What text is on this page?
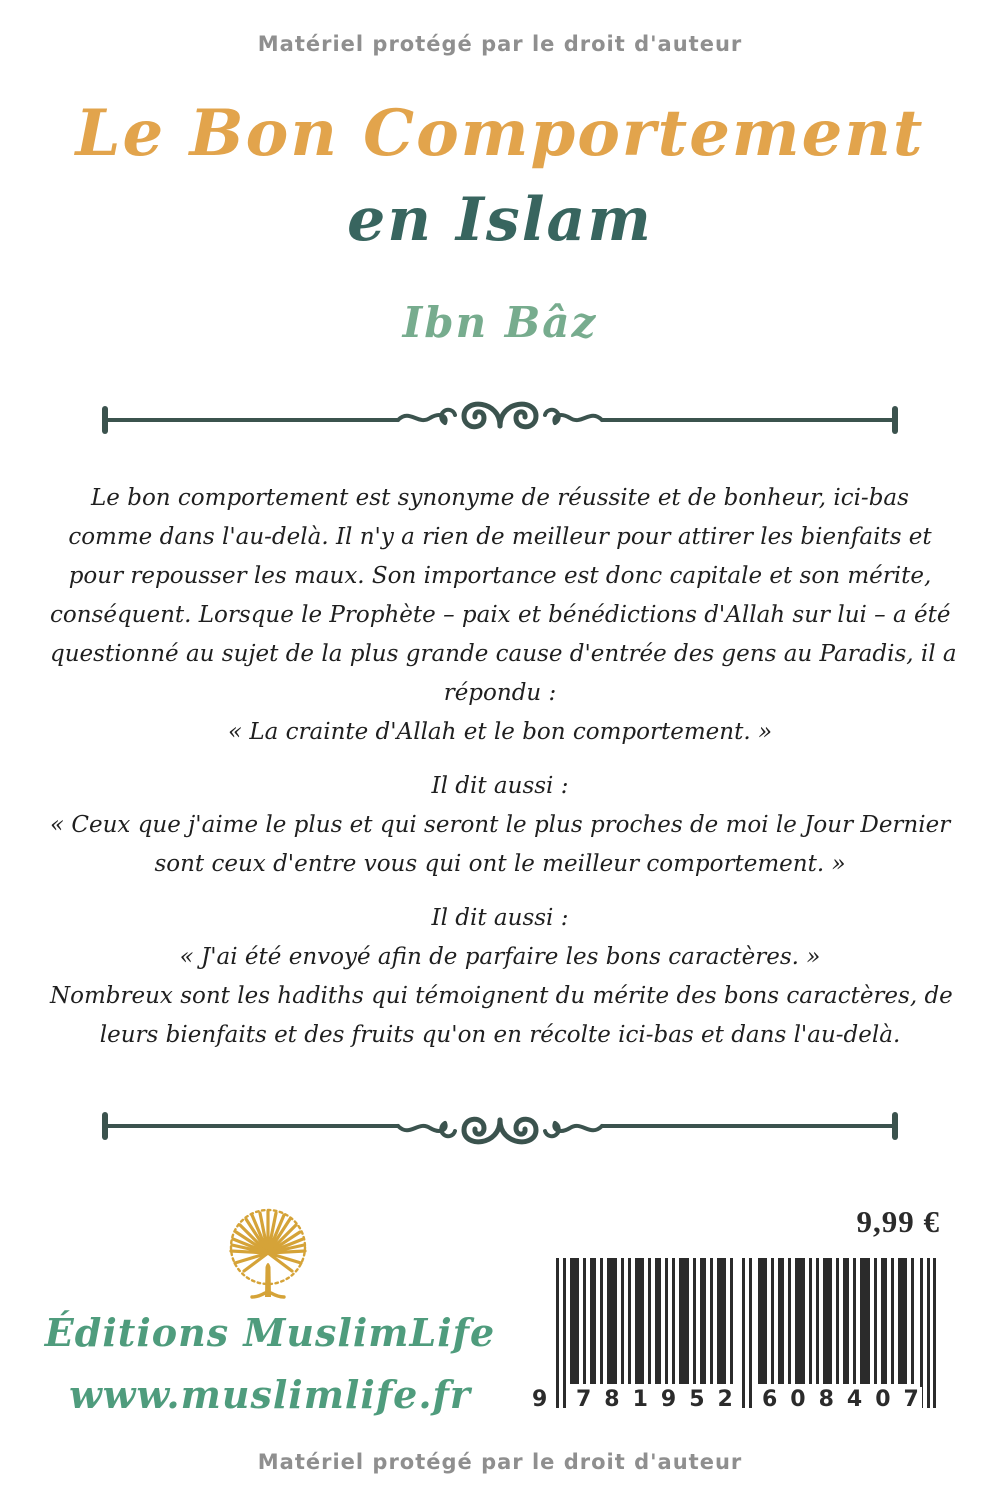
Matériel protégé par le droit d'auteur
Le Bon Comportement
en Islam
Ibn Bâz
Le bon comportement est synonyme de réussite et de bonheur, ici-bas
comme dans l'au-delà. Il n'y a rien de meilleur pour attirer les bienfaits et
pour repousser les maux. Son importance est donc capitale et son mérite,
conséquent. Lorsque le Prophète – paix et bénédictions d'Allah sur lui – a été
questionné au sujet de la plus grande cause d'entrée des gens au Paradis, il a
répondu :
« La crainte d'Allah et le bon comportement. »
Il dit aussi :
« Ceux que j'aime le plus et qui seront le plus proches de moi le Jour Dernier
sont ceux d'entre vous qui ont le meilleur comportement. »
Il dit aussi :
« J'ai été envoyé afin de parfaire les bons caractères. »
Nombreux sont les hadiths qui témoignent du mérite des bons caractères, de
leurs bienfaits et des fruits qu'on en récolte ici-bas et dans l'au-delà.
9,99 €
9 781952 608407
Éditions MuslimLife
www.muslimlife.fr
Matériel protégé par le droit d'auteur
